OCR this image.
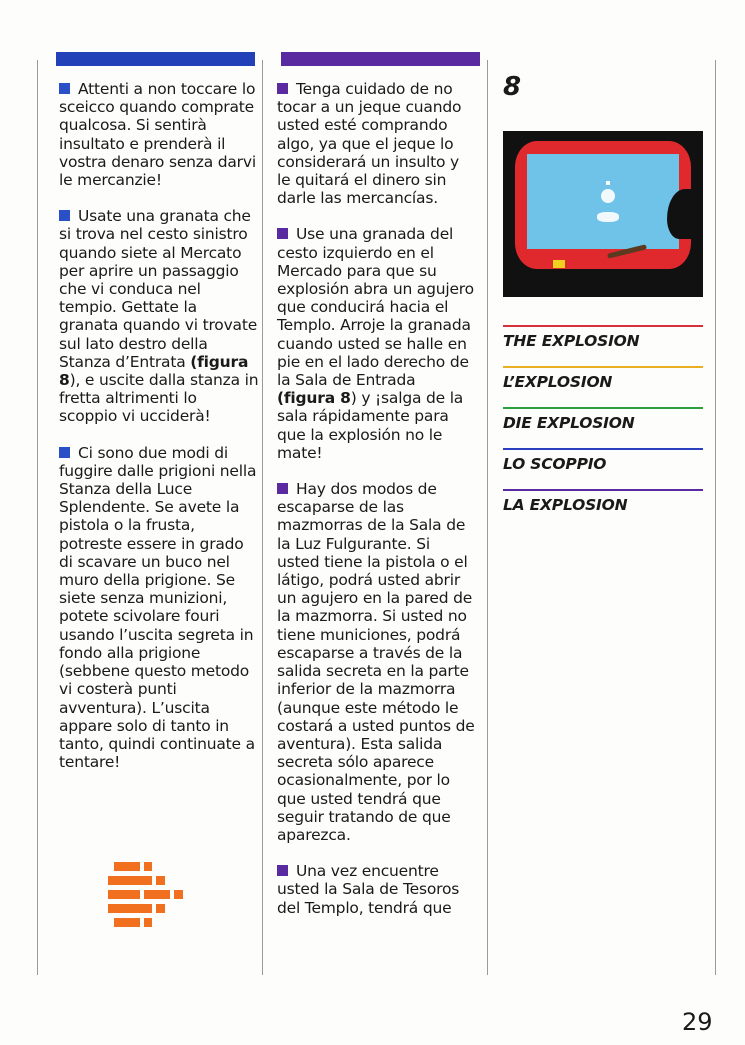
Attenti a non toccare lo sceicco quando comprate qualcosa. Si sentirà insultato e prenderà il vostra denaro senza darvi le mercanzie!
Usate una granata che si trova nel cesto sinistro quando siete al Mercato per aprire un passaggio che vi conduca nel tempio. Gettate la granata quando vi trovate sul lato destro della Stanza d’Entrata (figura 8), e uscite dalla stanza in fretta altrimenti lo scoppio vi ucciderà!
Ci sono due modi di fuggire dalle prigioni nella Stanza della Luce Splendente. Se avete la pistola o la frusta, potreste essere in grado di scavare un buco nel muro della prigione. Se siete senza munizioni, potete scivolare fouri usando l’uscita segreta in fondo alla prigione (sebbene questo metodo vi costerà punti avventura). L’uscita appare solo di tanto in tanto, quindi continuate a tentare!
Tenga cuidado de no tocar a un jeque cuando usted esté comprando algo, ya que el jeque lo considerará un insulto y le quitará el dinero sin darle las mercancías.
Use una granada del cesto izquierdo en el Mercado para que su explosión abra un agujero que conducirá hacia el Templo. Arroje la granada cuando usted se halle en pie en el lado derecho de la Sala de Entrada (figura 8) y ¡salga de la sala rápidamente para que la explosión no le mate!
Hay dos modos de escaparse de las mazmorras de la Sala de la Luz Fulgurante. Si usted tiene la pistola o el látigo, podrá usted abrir un agujero en la pared de la mazmorra. Si usted no tiene municiones, podrá escaparse a través de la salida secreta en la parte inferior de la mazmorra (aunque este método le costará a usted puntos de aventura). Esta salida secreta sólo aparece ocasionalmente, por lo que usted tendrá que seguir tratando de que aparezca.
Una vez encuentre usted la Sala de Tesoros del Templo, tendrá que
8
THE EXPLOSION
L’EXPLOSION
DIE EXPLOSION
LO SCOPPIO
LA EXPLOSION
29
